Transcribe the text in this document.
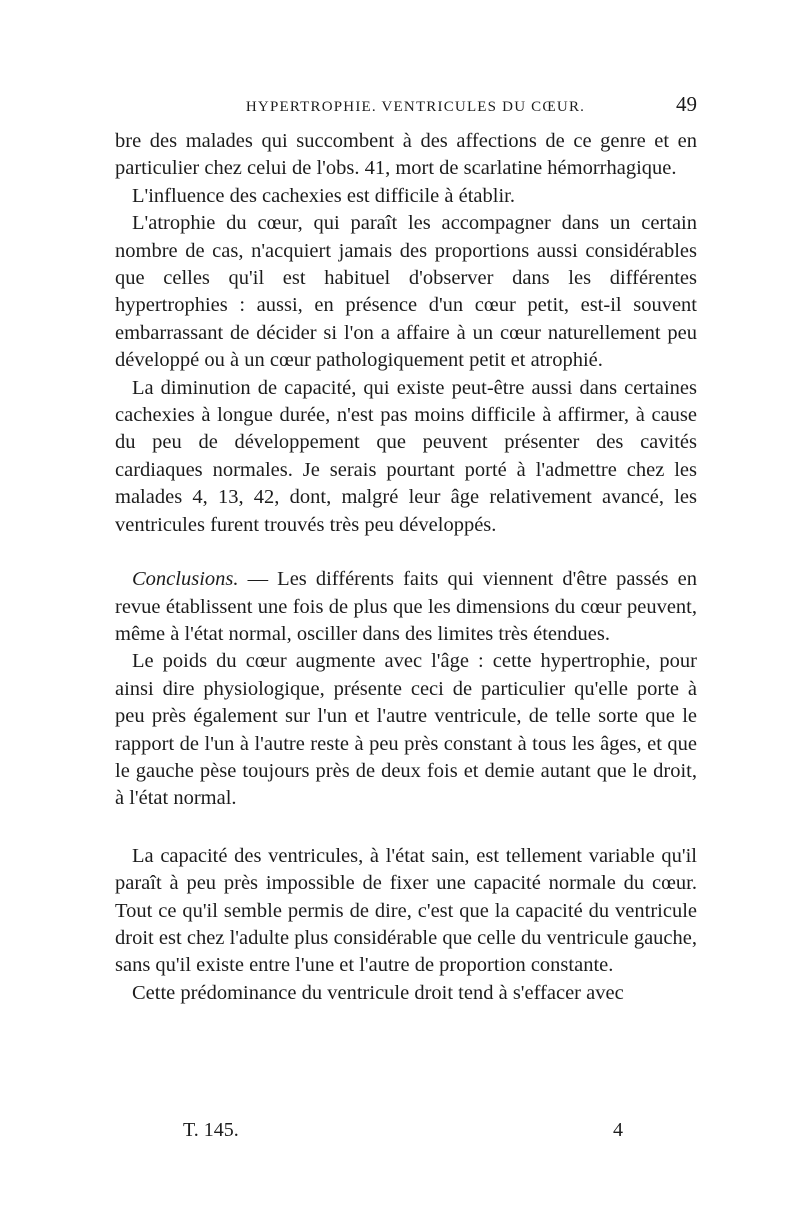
HYPERTROPHIE. VENTRICULES DU CŒUR.	49

bre des malades qui succombent à des affections de ce genre et en particulier chez celui de l'obs. 41, mort de scarlatine hémorrhagique.

L'influence des cachexies est difficile à établir.

L'atrophie du cœur, qui paraît les accompagner dans un certain nombre de cas, n'acquiert jamais des proportions aussi considérables que celles qu'il est habituel d'observer dans les différentes hypertrophies : aussi, en présence d'un cœur petit, est-il souvent embarrassant de décider si l'on a affaire à un cœur naturellement peu développé ou à un cœur pathologiquement petit et atrophié.

La diminution de capacité, qui existe peut-être aussi dans certaines cachexies à longue durée, n'est pas moins difficile à affirmer, à cause du peu de développement que peuvent présenter des cavités cardiaques normales. Je serais pourtant porté à l'admettre chez les malades 4, 13, 42, dont, malgré leur âge relativement avancé, les ventricules furent trouvés très peu développés.

Conclusions. — Les différents faits qui viennent d'être passés en revue établissent une fois de plus que les dimensions du cœur peuvent, même à l'état normal, osciller dans des limites très étendues.

Le poids du cœur augmente avec l'âge : cette hypertrophie, pour ainsi dire physiologique, présente ceci de particulier qu'elle porte à peu près également sur l'un et l'autre ventricule, de telle sorte que le rapport de l'un à l'autre reste à peu près constant à tous les âges, et que le gauche pèse toujours près de deux fois et demie autant que le droit, à l'état normal.

La capacité des ventricules, à l'état sain, est tellement variable qu'il paraît à peu près impossible de fixer une capacité normale du cœur. Tout ce qu'il semble permis de dire, c'est que la capacité du ventricule droit est chez l'adulte plus considérable que celle du ventricule gauche, sans qu'il existe entre l'une et l'autre de proportion constante.

Cette prédominance du ventricule droit tend à s'effacer avec

T. 145.	4
